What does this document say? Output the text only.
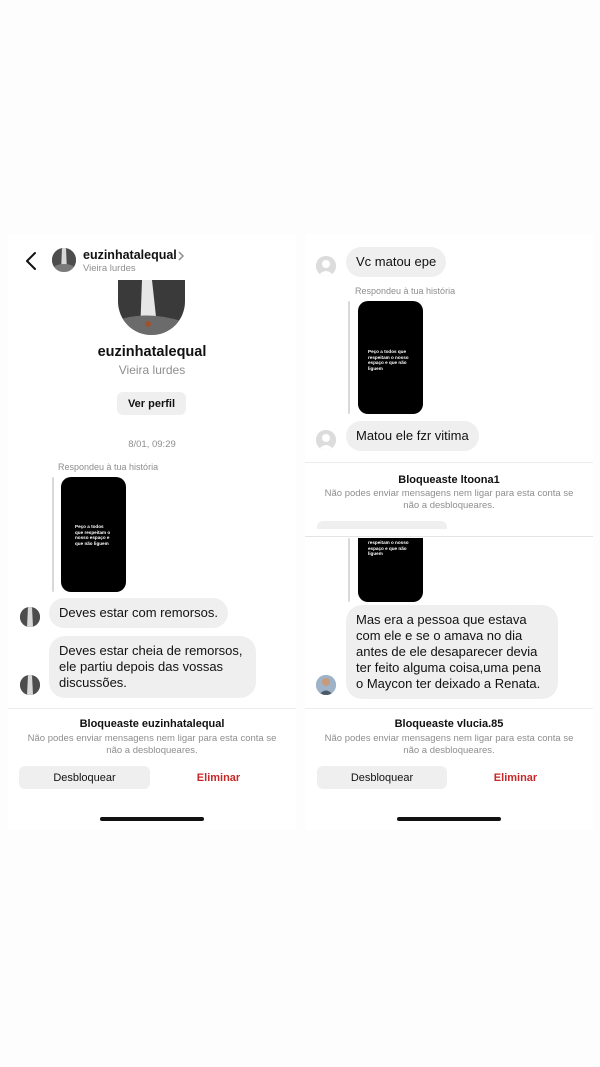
euzinhatalequal
Vieira lurdes
euzinhatalequal
Vieira lurdes
Ver perfil
8/01, 09:29
Respondeu à tua história
Peço a todos que respeitam o nosso espaço e que não liguem
Deves estar com remorsos.
Deves estar cheia de remorsos, ele partiu depois das vossas discussões.
Bloqueaste euzinhatalequal
Não podes enviar mensagens nem ligar para esta conta se não a desbloqueares.
Desbloquear	Eliminar
Vc matou epe
Respondeu à tua história
Peço a todos que respeitam o nosso espaço e que não liguem
Matou ele fzr vitima
Bloqueaste ltoona1
Não podes enviar mensagens nem ligar para esta conta se não a desbloqueares.
respeitam o nosso espaço e que não liguem
Mas era a pessoa que estava com ele e se o amava no dia antes de ele desaparecer devia ter feito alguma coisa,uma pena o Maycon ter deixado a Renata.
Bloqueaste vlucia.85
Não podes enviar mensagens nem ligar para esta conta se não a desbloqueares.
Desbloquear	Eliminar
